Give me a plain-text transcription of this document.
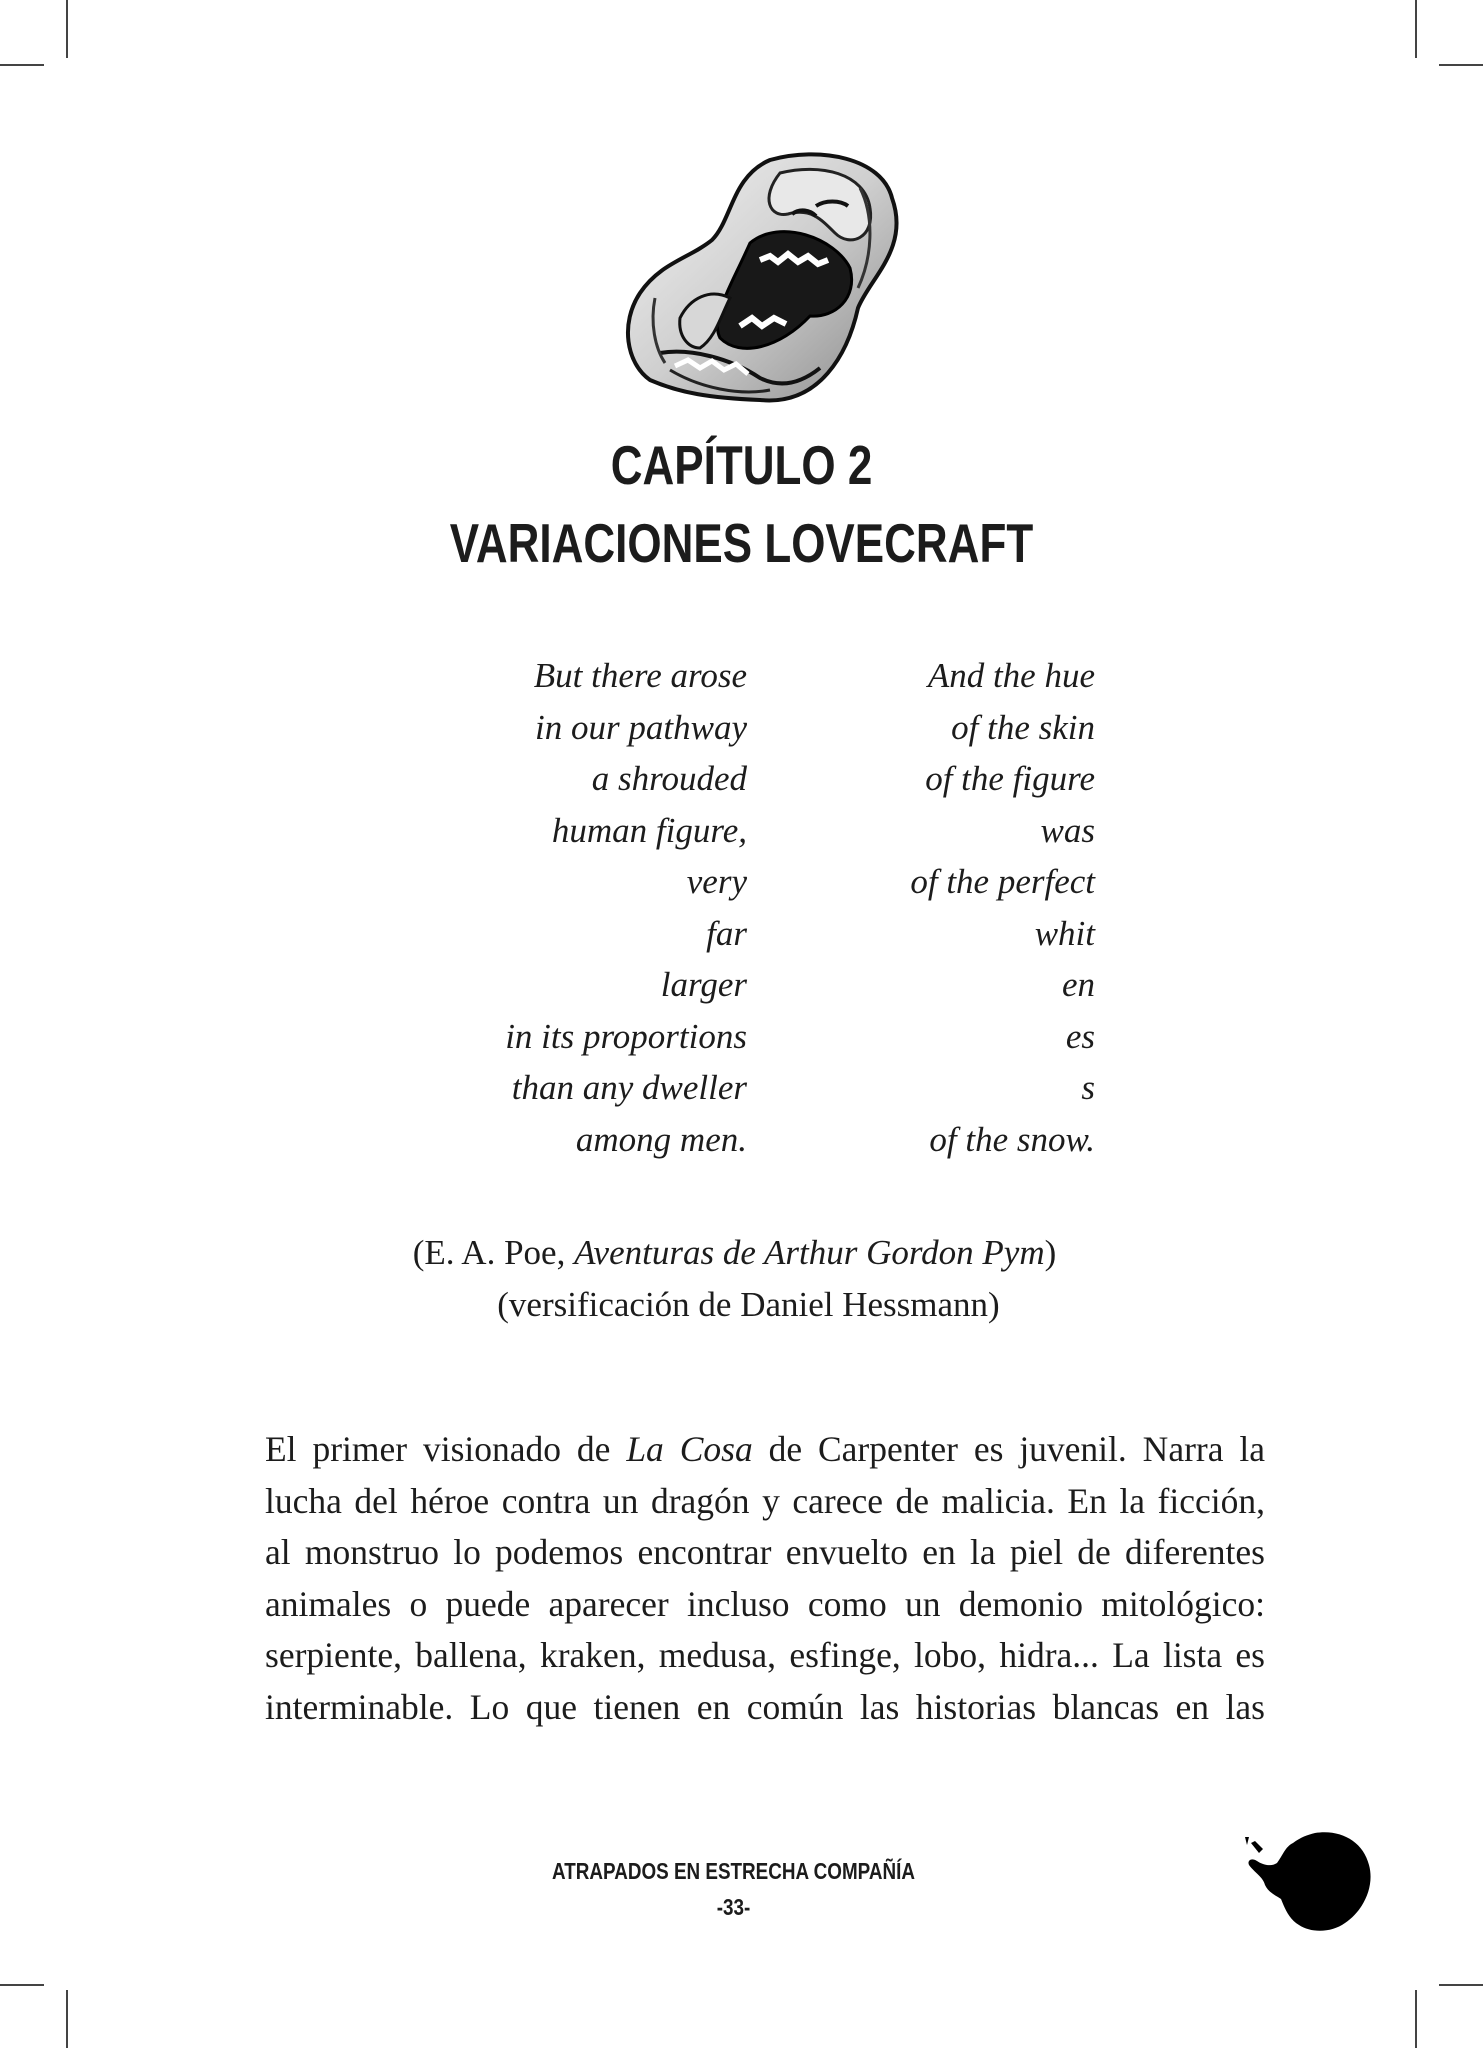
CAPÍTULO 2
VARIACIONES LOVECRAFT
But there arose
in our pathway
a shrouded
human figure,
very
far
larger
in its proportions
than any dweller
among men.
And the hue
of the skin
of the figure
was
of the perfect
whit
en
es
s
of the snow.
(E. A. Poe, Aventuras de Arthur Gordon Pym)
(versificación de Daniel Hessmann)
El primer visionado de La Cosa de Carpenter es juvenil. Narra la
lucha del héroe contra un dragón y carece de malicia. En la ficción,
al monstruo lo podemos encontrar envuelto en la piel de diferentes
animales o puede aparecer incluso como un demonio mitológico:
serpiente, ballena, kraken, medusa, esfinge, lobo, hidra... La lista es
interminable. Lo que tienen en común las historias blancas en las
ATRAPADOS EN ESTRECHA COMPAÑÍA
-33-
